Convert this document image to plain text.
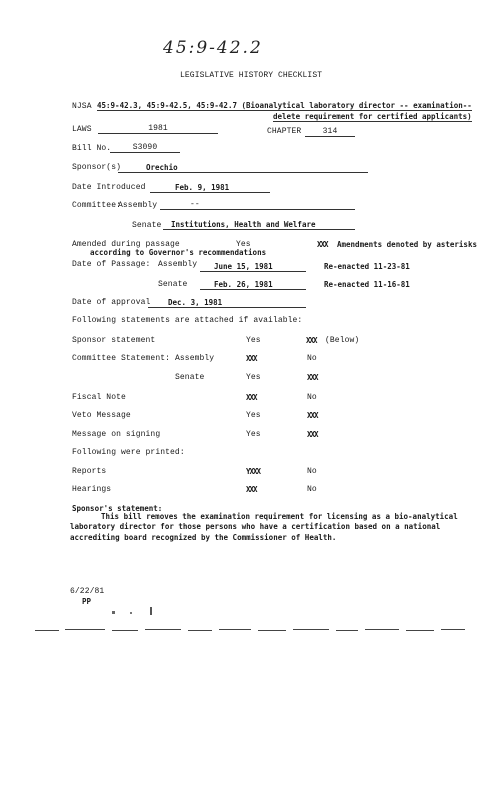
45:9-42.2
LEGISLATIVE HISTORY CHECKLIST
NJSA 45:9-42.3, 45:9-42.5, 45:9-42.7 (Bioanalytical laboratory director -- examination--
delete requirement for certified applicants)
LAWS	1981	CHAPTER	314
Bill No.	S3090
Sponsor(s)	Orechio
Date Introduced	Feb. 9, 1981
Committee:
Assembly	--
Senate	Institutions, Health and Welfare
Amended during passage	Yes	XXX Amendments denoted by asterisks
according to Governor's recommendations
Date of Passage: Assembly	June 15, 1981	Re-enacted 11-23-81
Senate	Feb. 26, 1981	Re-enacted 11-16-81
Date of approval	Dec. 3, 1981
Following statements are attached if available:
Sponsor statement	Yes	XXX (Below)
Committee Statement: Assembly	XXX	No
Senate	Yes	XXX
Fiscal Note	XXX	No
Veto Message	Yes	XXX
Message on signing	Yes	XXX
Following were printed:
Reports	YXXX	No
Hearings	XXX	No
Sponsor's statement:
This bill removes the examination requirement for licensing as a bio-analytical
laboratory director for those persons who have a certification based on a national
accrediting board recognized by the Commissioner of Health.
6/22/81
PP
